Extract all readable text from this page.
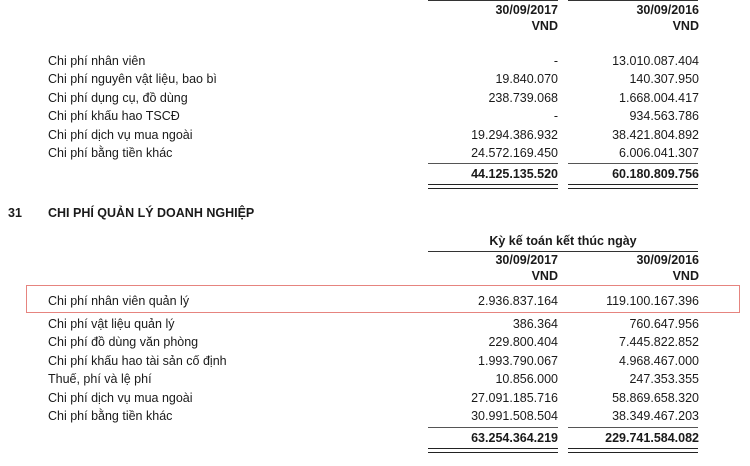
30/09/2017	30/09/2016
VND	VND
Chi phí nhân viên	-	13.010.087.404
Chi phí nguyên vật liệu, bao bì	19.840.070	140.307.950
Chi phí dụng cụ, đồ dùng	238.739.068	1.668.004.417
Chi phí khấu hao TSCĐ	-	934.563.786
Chi phí dịch vụ mua ngoài	19.294.386.932	38.421.804.892
Chi phí bằng tiền khác	24.572.169.450	6.006.041.307
44.125.135.520	60.180.809.756
31 CHI PHÍ QUẢN LÝ DOANH NGHIỆP
Kỳ kế toán kết thúc ngày
30/09/2017	30/09/2016
VND	VND
Chi phí nhân viên quản lý	2.936.837.164	119.100.167.396
Chi phí vật liệu quản lý	386.364	760.647.956
Chi phí đồ dùng văn phòng	229.800.404	7.445.822.852
Chi phí khấu hao tài sản cố định	1.993.790.067	4.968.467.000
Thuế, phí và lệ phí	10.856.000	247.353.355
Chi phí dịch vụ mua ngoài	27.091.185.716	58.869.658.320
Chi phí bằng tiền khác	30.991.508.504	38.349.467.203
63.254.364.219	229.741.584.082
